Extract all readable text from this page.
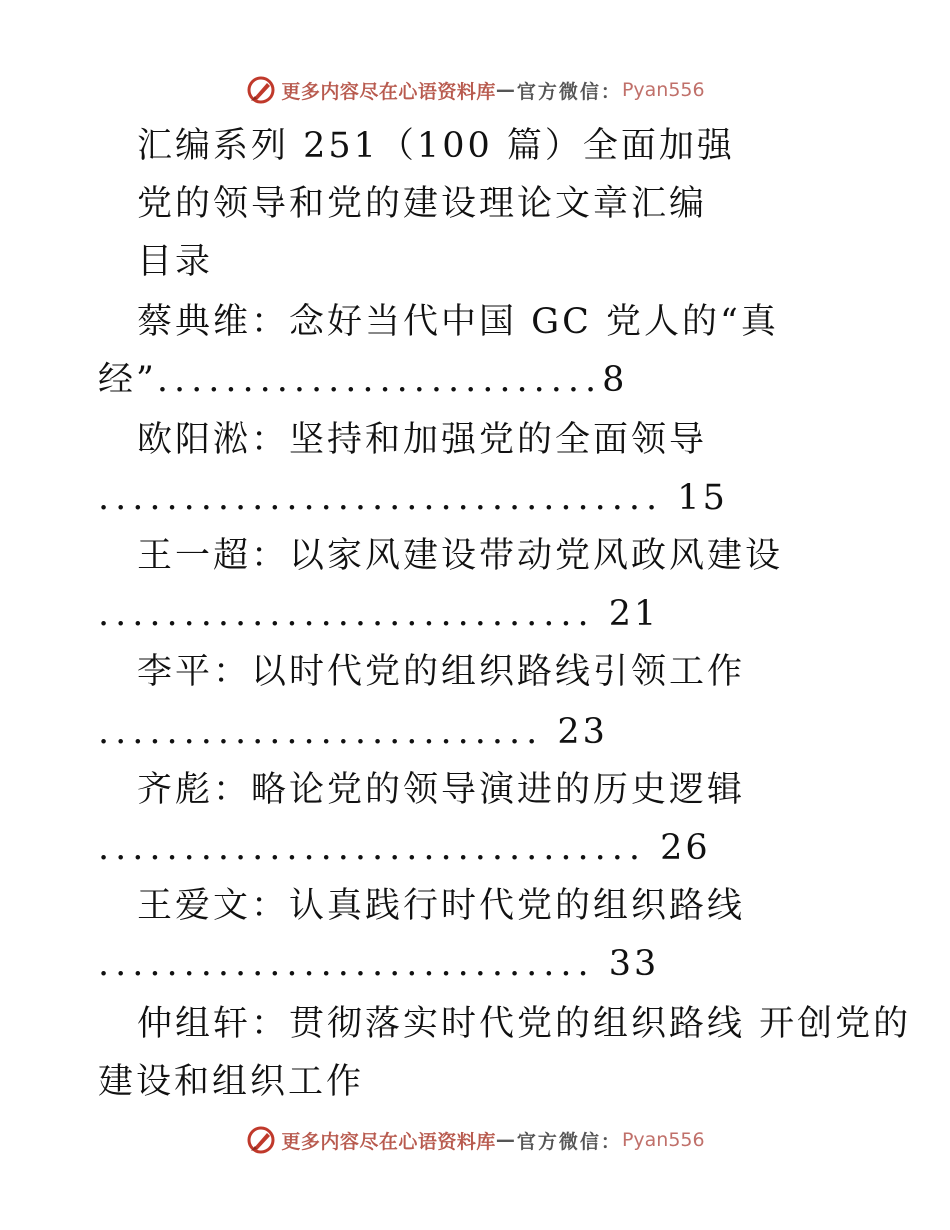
更多内容尽在心语资料库 — 官方微信： Pyan556
汇编系列 251（100 篇）全面加强
党的领导和党的建设理论文章汇编
目录
蔡典维：念好当代中国 GC 党人的“真
经”..........................8
欧阳淞：坚持和加强党的全面领导
................................. 15
王一超：以家风建设带动党风政风建设
............................. 21
李平：以时代党的组织路线引领工作
.......................... 23
齐彪：略论党的领导演进的历史逻辑
................................ 26
王爱文：认真践行时代党的组织路线
............................. 33
仲组轩：贯彻落实时代党的组织路线 开创党的
建设和组织工作
更多内容尽在心语资料库 — 官方微信： Pyan556
